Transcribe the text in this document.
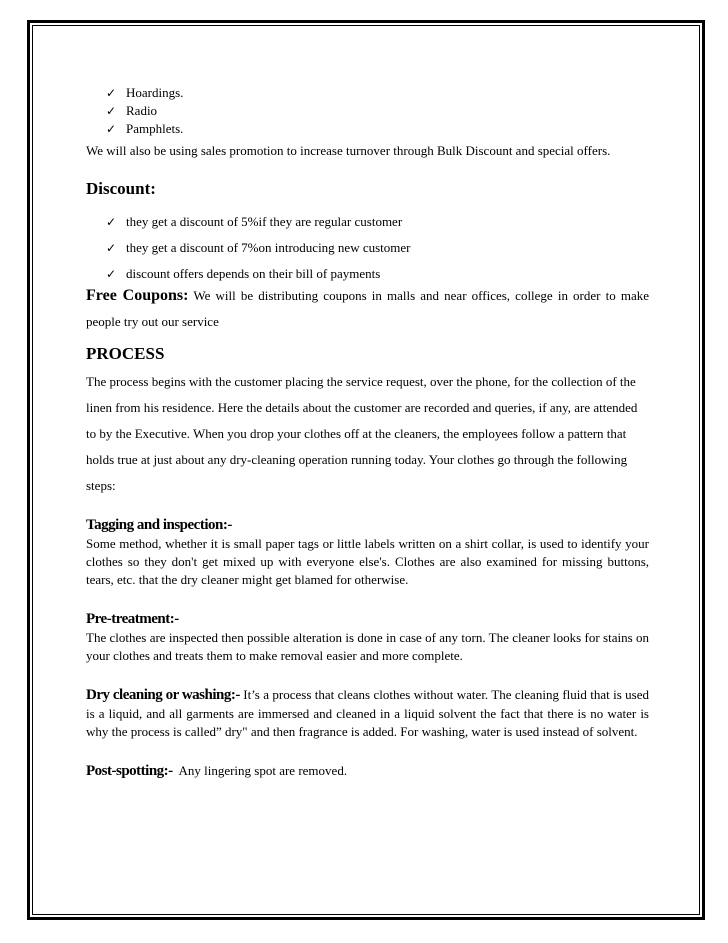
✓ Hoardings.
✓ Radio
✓ Pamphlets.

We will also be using sales promotion to increase turnover through Bulk Discount and special offers.

Discount:
✓ they get a discount of 5%if they are regular customer
✓ they get a discount of 7%on introducing new customer
✓ discount offers depends on their bill of payments

Free Coupons: We will be distributing coupons in malls and near offices, college in order to make people try out our service

PROCESS

The process begins with the customer placing the service request, over the phone, for the collection of the linen from his residence. Here the details about the customer are recorded and queries, if any, are attended to by the Executive. When you drop your clothes off at the cleaners, the employees follow a pattern that holds true at just about any dry-cleaning operation running today. Your clothes go through the following steps:

Tagging and inspection:-

Some method, whether it is small paper tags or little labels written on a shirt collar, is used to identify your clothes so they don't get mixed up with everyone else's. Clothes are also examined for missing buttons, tears, etc. that the dry cleaner might get blamed for otherwise.

Pre-treatment:-

The clothes are inspected then possible alteration is done in case of any torn. The cleaner looks for stains on your clothes and treats them to make removal easier and more complete.

Dry cleaning or washing:- It’s a process that cleans clothes without water. The cleaning fluid that is used is a liquid, and all garments are immersed and cleaned in a liquid solvent the fact that there is no water is why the process is called” dry" and then fragrance is added. For washing, water is used instead of solvent.

Post-spotting:- Any lingering spot are removed.
